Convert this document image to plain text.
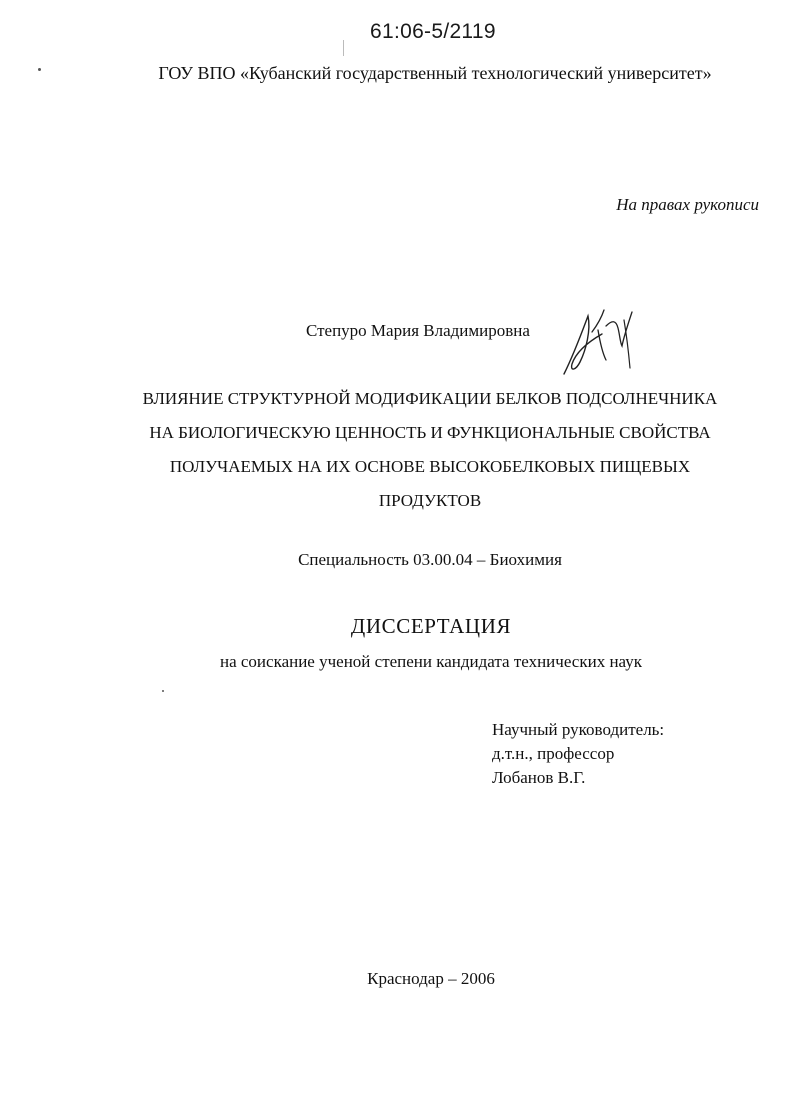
61:06-5/2119
ГОУ ВПО «Кубанский государственный технологический университет»
На правах рукописи
Степуро Мария Владимировна
ВЛИЯНИЕ СТРУКТУРНОЙ МОДИФИКАЦИИ БЕЛКОВ ПОДСОЛНЕЧНИКА
НА БИОЛОГИЧЕСКУЮ ЦЕННОСТЬ И ФУНКЦИОНАЛЬНЫЕ СВОЙСТВА
ПОЛУЧАЕМЫХ НА ИХ ОСНОВЕ ВЫСОКОБЕЛКОВЫХ ПИЩЕВЫХ
ПРОДУКТОВ
Специальность 03.00.04 – Биохимия
ДИССЕРТАЦИЯ
на соискание ученой степени кандидата технических наук
Научный руководитель:
д.т.н., профессор
Лобанов В.Г.
Краснодар – 2006
